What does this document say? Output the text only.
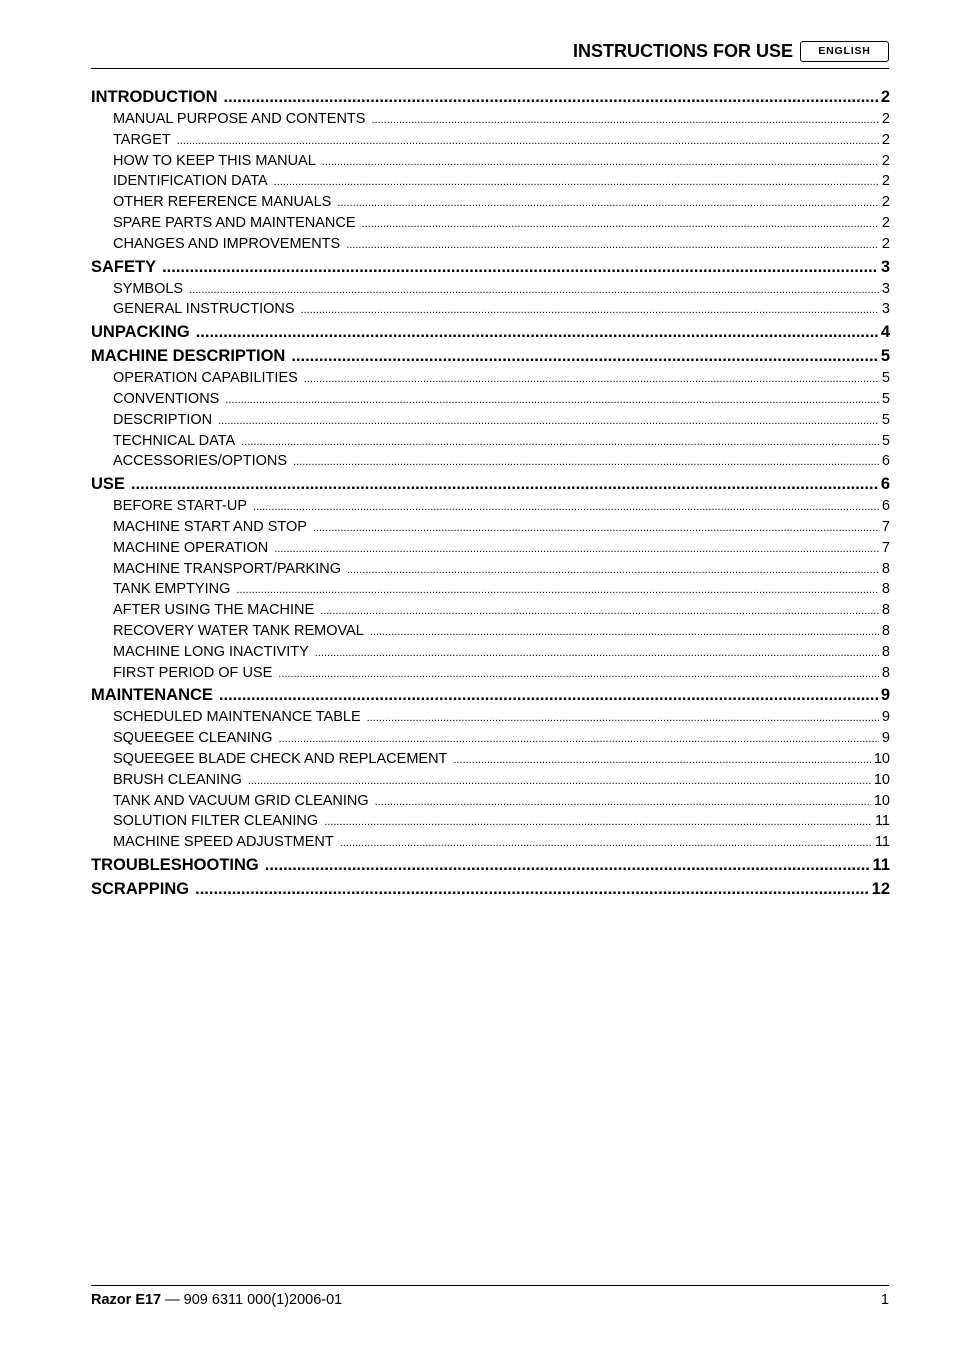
INSTRUCTIONS FOR USE	ENGLISH
INTRODUCTION .....	2
MANUAL PURPOSE AND CONTENTS .....	2
TARGET .....	2
HOW TO KEEP THIS MANUAL .....	2
IDENTIFICATION DATA .....	2
OTHER REFERENCE MANUALS .....	2
SPARE PARTS AND MAINTENANCE .....	2
CHANGES AND IMPROVEMENTS .....	2
SAFETY .....	3
SYMBOLS .....	3
GENERAL INSTRUCTIONS .....	3
UNPACKING .....	4
MACHINE DESCRIPTION .....	5
OPERATION CAPABILITIES .....	5
CONVENTIONS .....	5
DESCRIPTION .....	5
TECHNICAL DATA .....	5
ACCESSORIES/OPTIONS .....	6
USE .....	6
BEFORE START-UP .....	6
MACHINE START AND STOP .....	7
MACHINE OPERATION .....	7
MACHINE TRANSPORT/PARKING .....	8
TANK EMPTYING .....	8
AFTER USING THE MACHINE .....	8
RECOVERY WATER TANK REMOVAL .....	8
MACHINE LONG INACTIVITY .....	8
FIRST PERIOD OF USE .....	8
MAINTENANCE .....	9
SCHEDULED MAINTENANCE TABLE .....	9
SQUEEGEE CLEANING .....	9
SQUEEGEE BLADE CHECK AND REPLACEMENT .....	10
BRUSH CLEANING .....	10
TANK AND VACUUM GRID CLEANING .....	10
SOLUTION FILTER CLEANING .....	11
MACHINE SPEED ADJUSTMENT .....	11
TROUBLESHOOTING .....	11
SCRAPPING .....	12
Razor E17 — 909 6311 000(1)2006-01	1
